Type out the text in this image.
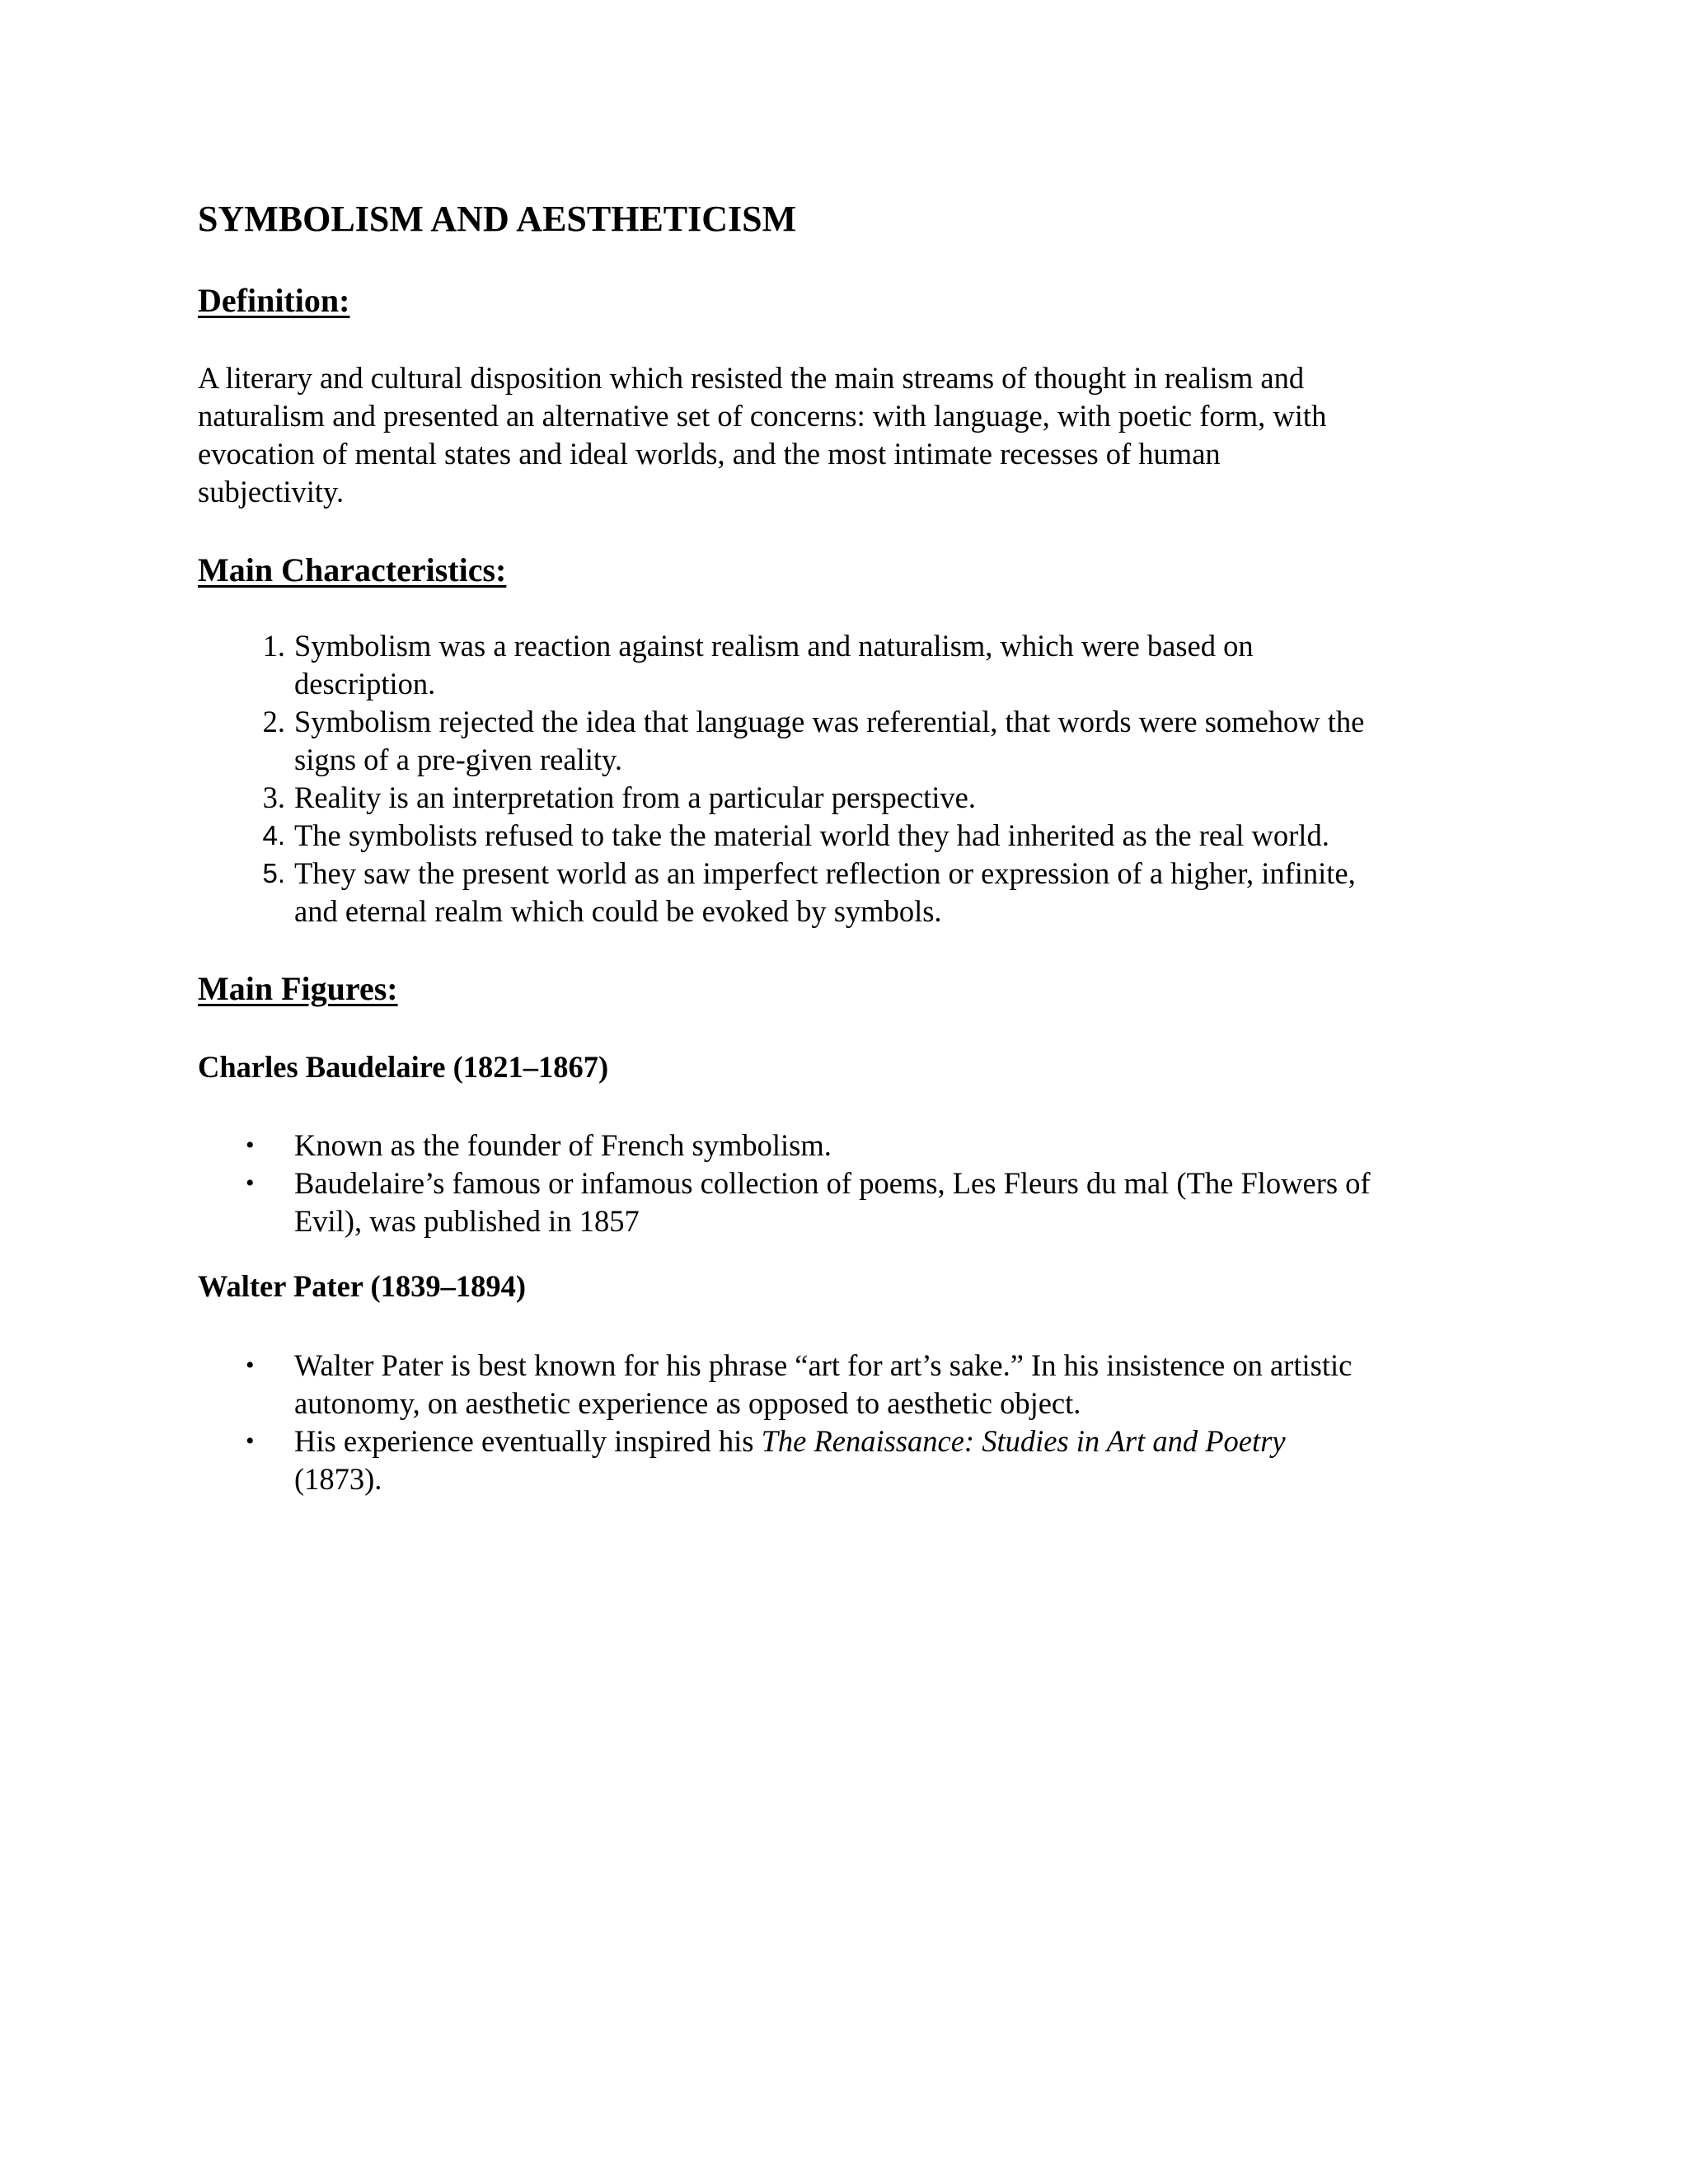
SYMBOLISM AND AESTHETICISM
Definition:

A literary and cultural disposition which resisted the main streams of thought in realism and
naturalism and presented an alternative set of concerns: with language, with poetic form, with
evocation of mental states and ideal worlds, and the most intimate recesses of human
subjectivity.

Main Characteristics:
1. Symbolism was a reaction against realism and naturalism, which were based on
description.
2. Symbolism rejected the idea that language was referential, that words were somehow the
signs of a pre-given reality.
3. Reality is an interpretation from a particular perspective.
4. The symbolists refused to take the material world they had inherited as the real world.
5. They saw the present world as an imperfect reflection or expression of a higher, infinite,
and eternal realm which could be evoked by symbols.
Main Figures:
Charles Baudelaire (1821–1867)
•	Known as the founder of French symbolism.
•	Baudelaire’s famous or infamous collection of poems, Les Fleurs du mal (The Flowers of
Evil), was published in 1857
Walter Pater (1839–1894)
•	Walter Pater is best known for his phrase “art for art’s sake.” In his insistence on artistic
autonomy, on aesthetic experience as opposed to aesthetic object.
•	His experience eventually inspired his The Renaissance: Studies in Art and Poetry
(1873).
